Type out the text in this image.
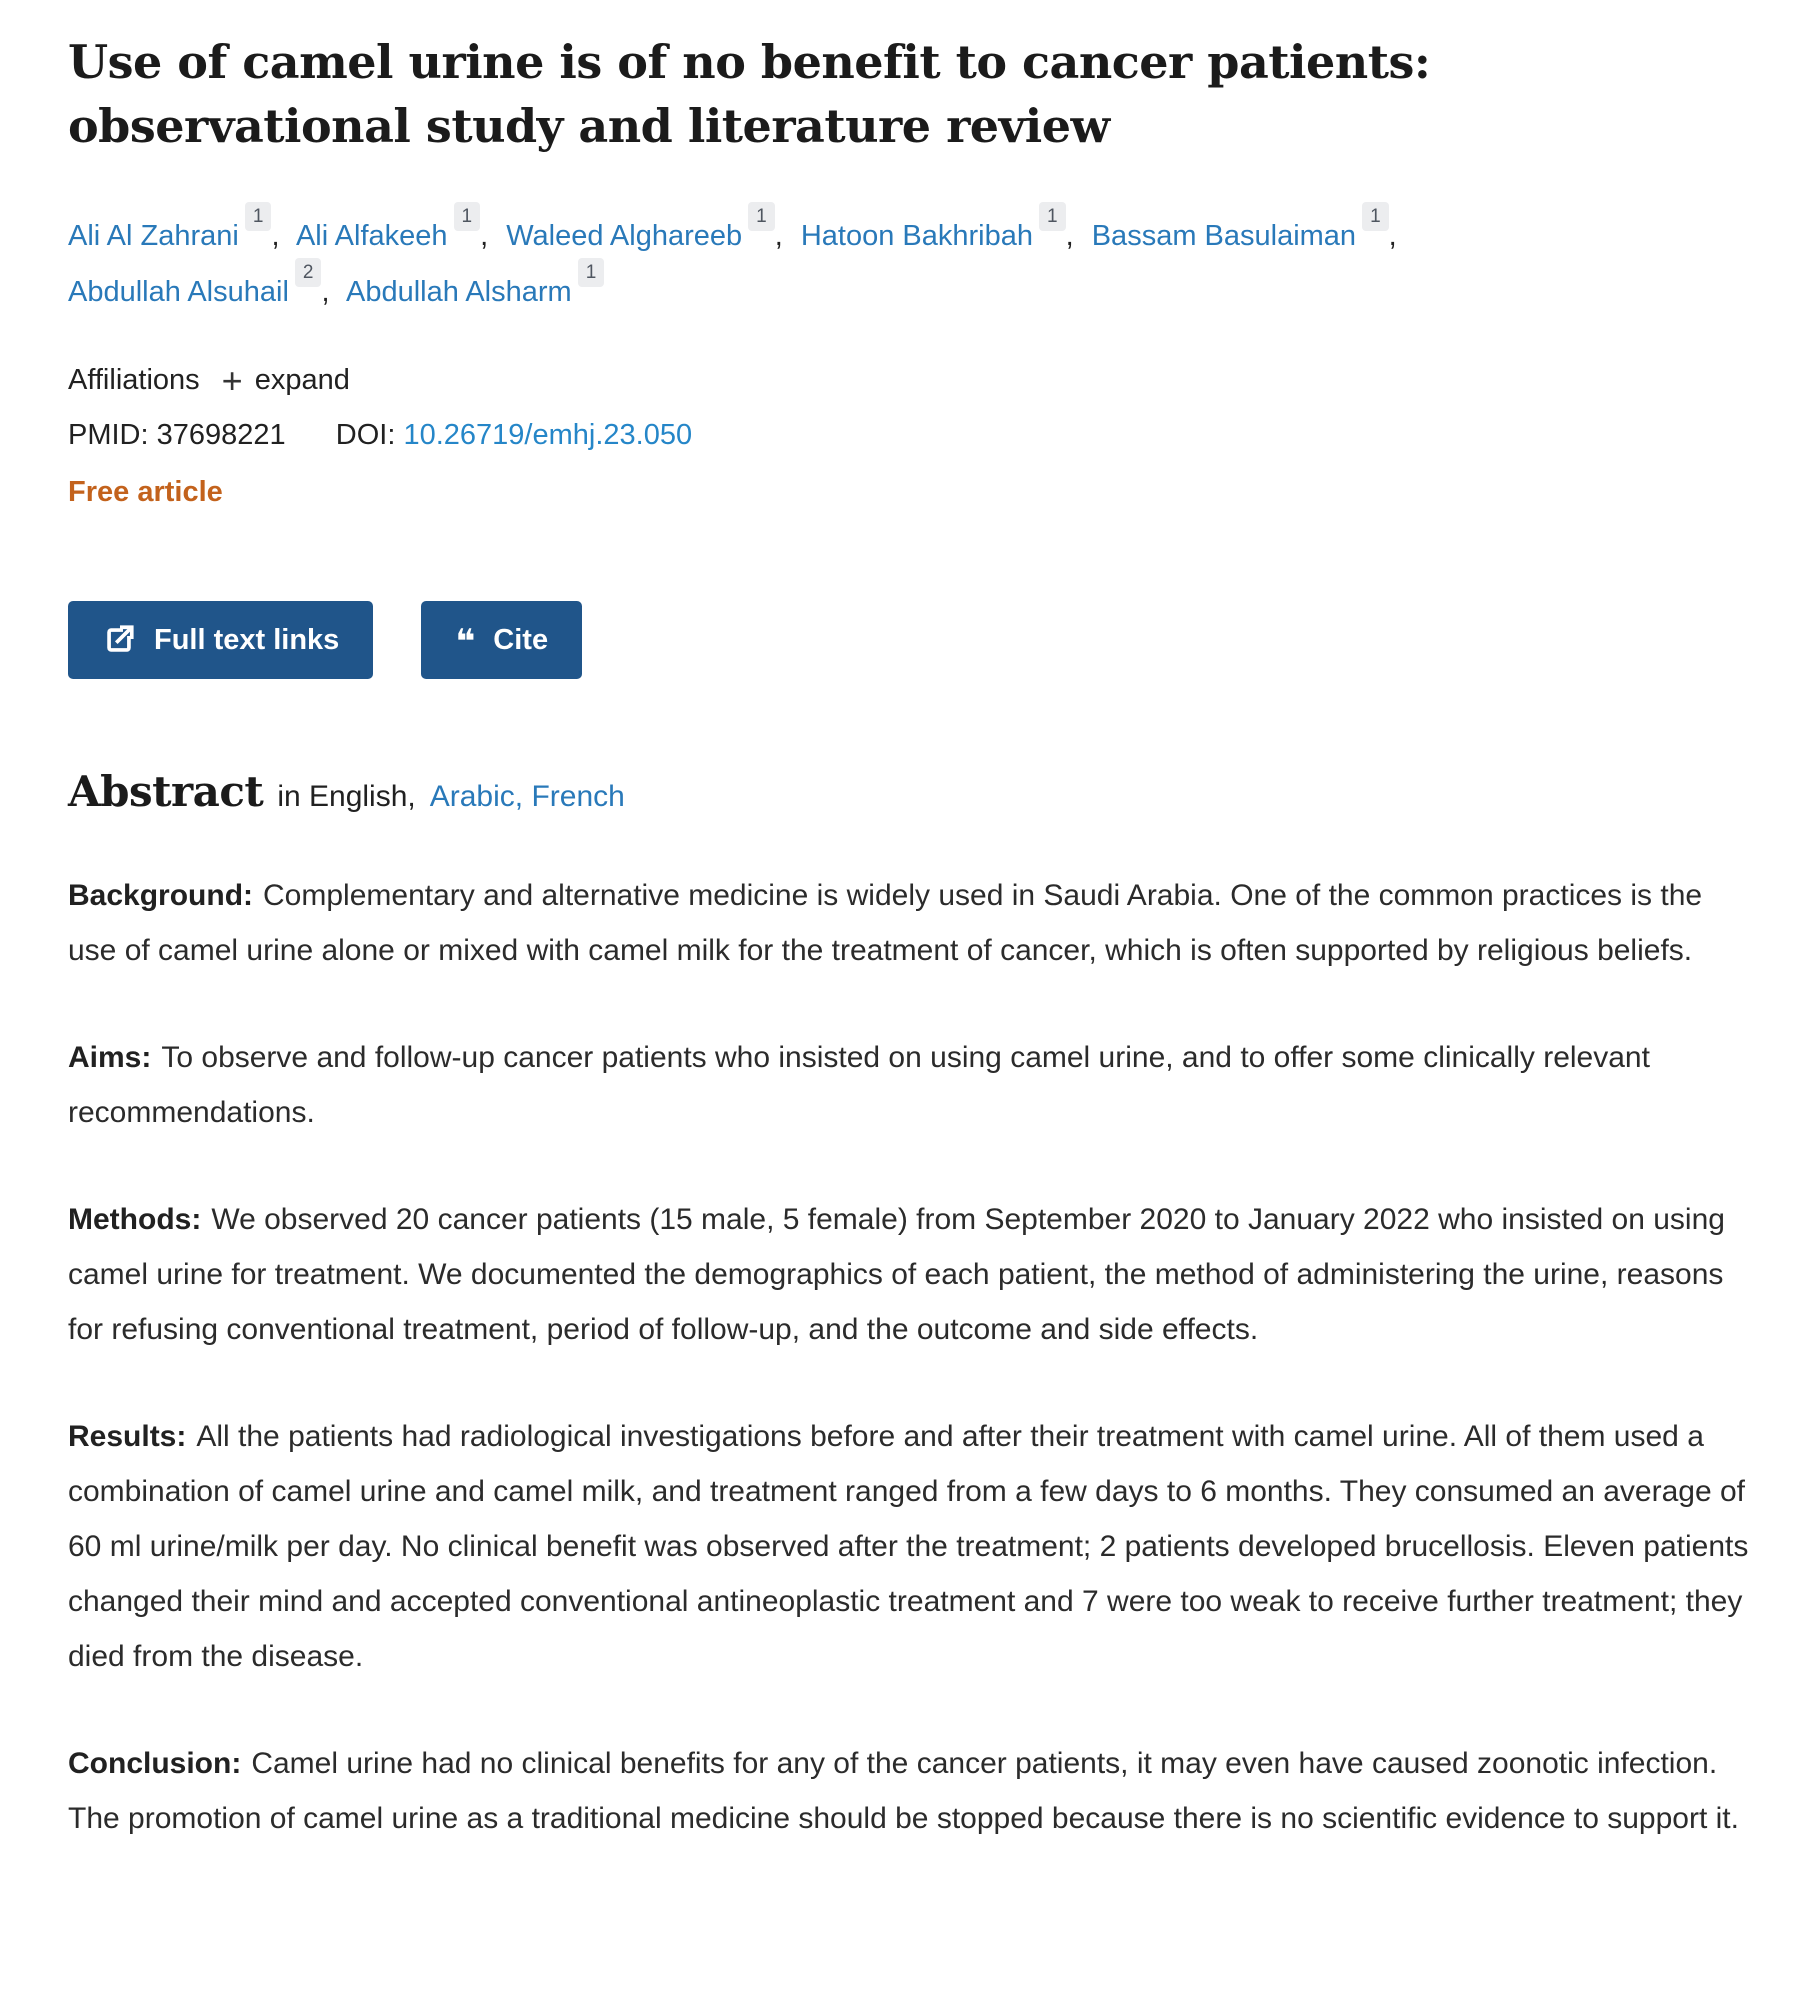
Use of camel urine is of no benefit to cancer patients: observational study and literature review
Ali Al Zahrani$^1$, Ali Alfakeeh$^1$, Waleed Alghareeb$^1$, Hatoon Bakhribah$^1$, Bassam Basulaiman$^1$, Abdullah Alsuhail$^2$, Abdullah Alsharm$^1$
Affiliations + expand
PMID: 37698221 DOI: 10.26719/emhj.23.050
Free article
Full text links	❝ Cite
Abstract in English, Arabic, French

Background: Complementary and alternative medicine is widely used in Saudi Arabia. One of the common practices is the use of camel urine alone or mixed with camel milk for the treatment of cancer, which is often supported by religious beliefs.

Aims: To observe and follow-up cancer patients who insisted on using camel urine, and to offer some clinically relevant recommendations.

Methods: We observed 20 cancer patients (15 male, 5 female) from September 2020 to January 2022 who insisted on using camel urine for treatment. We documented the demographics of each patient, the method of administering the urine, reasons for refusing conventional treatment, period of follow-up, and the outcome and side effects.

Results: All the patients had radiological investigations before and after their treatment with camel urine. All of them used a combination of camel urine and camel milk, and treatment ranged from a few days to 6 months. They consumed an average of 60 ml urine/milk per day. No clinical benefit was observed after the treatment; 2 patients developed brucellosis. Eleven patients changed their mind and accepted conventional antineoplastic treatment and 7 were too weak to receive further treatment; they died from the disease.

Conclusion: Camel urine had no clinical benefits for any of the cancer patients, it may even have caused zoonotic infection. The promotion of camel urine as a traditional medicine should be stopped because there is no scientific evidence to support it.
